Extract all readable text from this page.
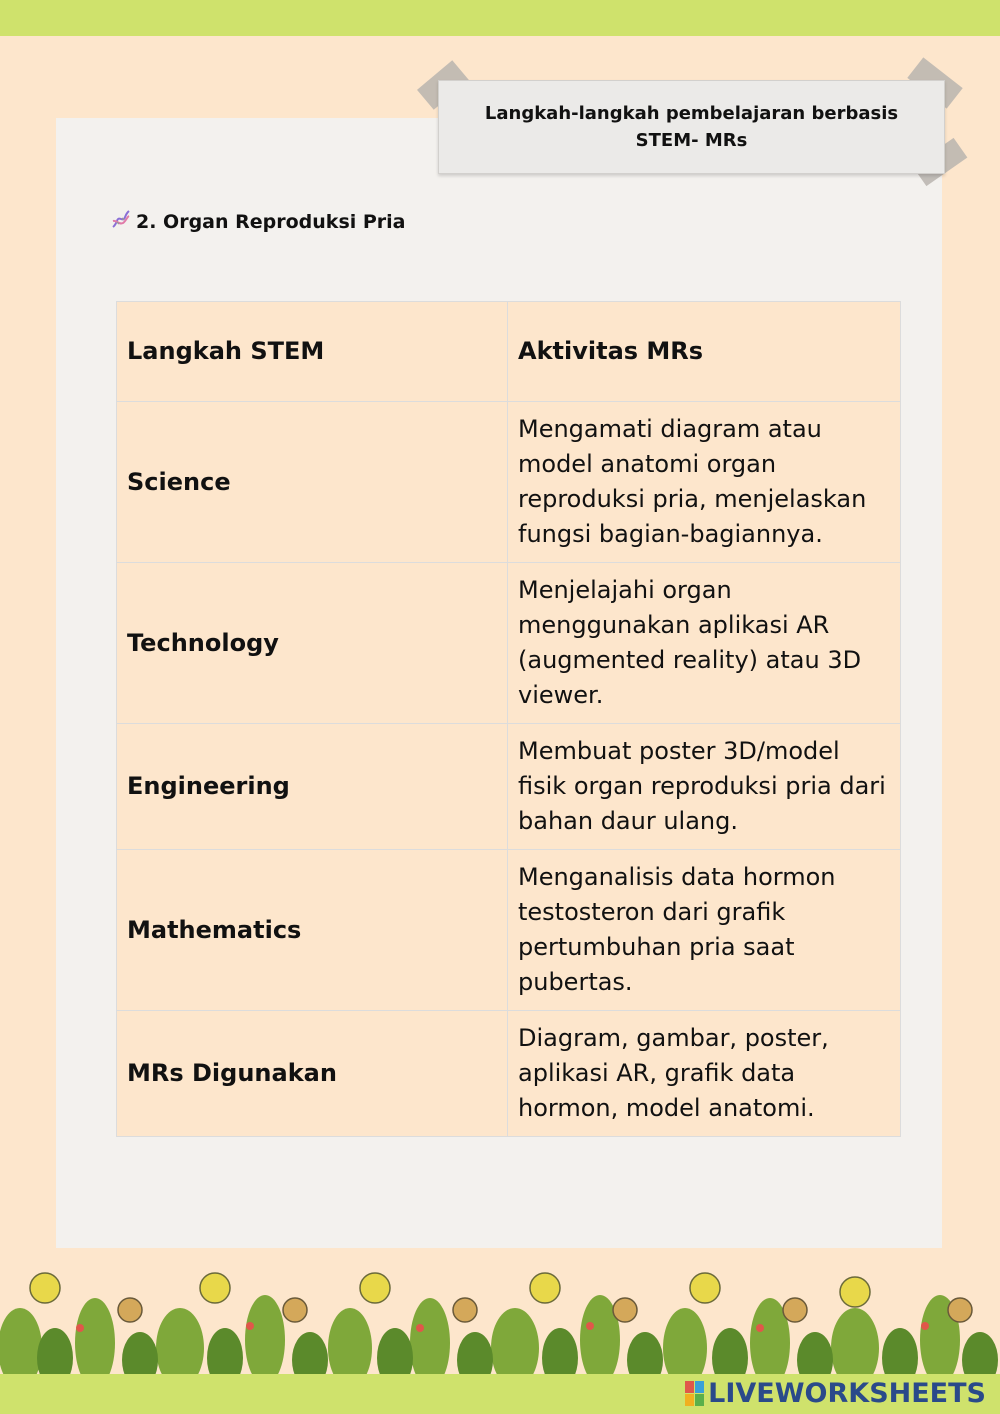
Langkah-langkah pembelajaran berbasis
STEM- MRs
2. Organ Reproduksi Pria
Langkah STEM	Aktivitas MRs
Science	Mengamati diagram atau model anatomi organ reproduksi pria, menjelaskan fungsi bagian-bagiannya.
Technology	Menjelajahi organ menggunakan aplikasi AR (augmented reality) atau 3D viewer.
Engineering	Membuat poster 3D/model fisik organ reproduksi pria dari bahan daur ulang.
Mathematics	Menganalisis data hormon testosteron dari grafik pertumbuhan pria saat pubertas.
MRs Digunakan	Diagram, gambar, poster, aplikasi AR, grafik data hormon, model anatomi.
LIVEWORKSHEETS
